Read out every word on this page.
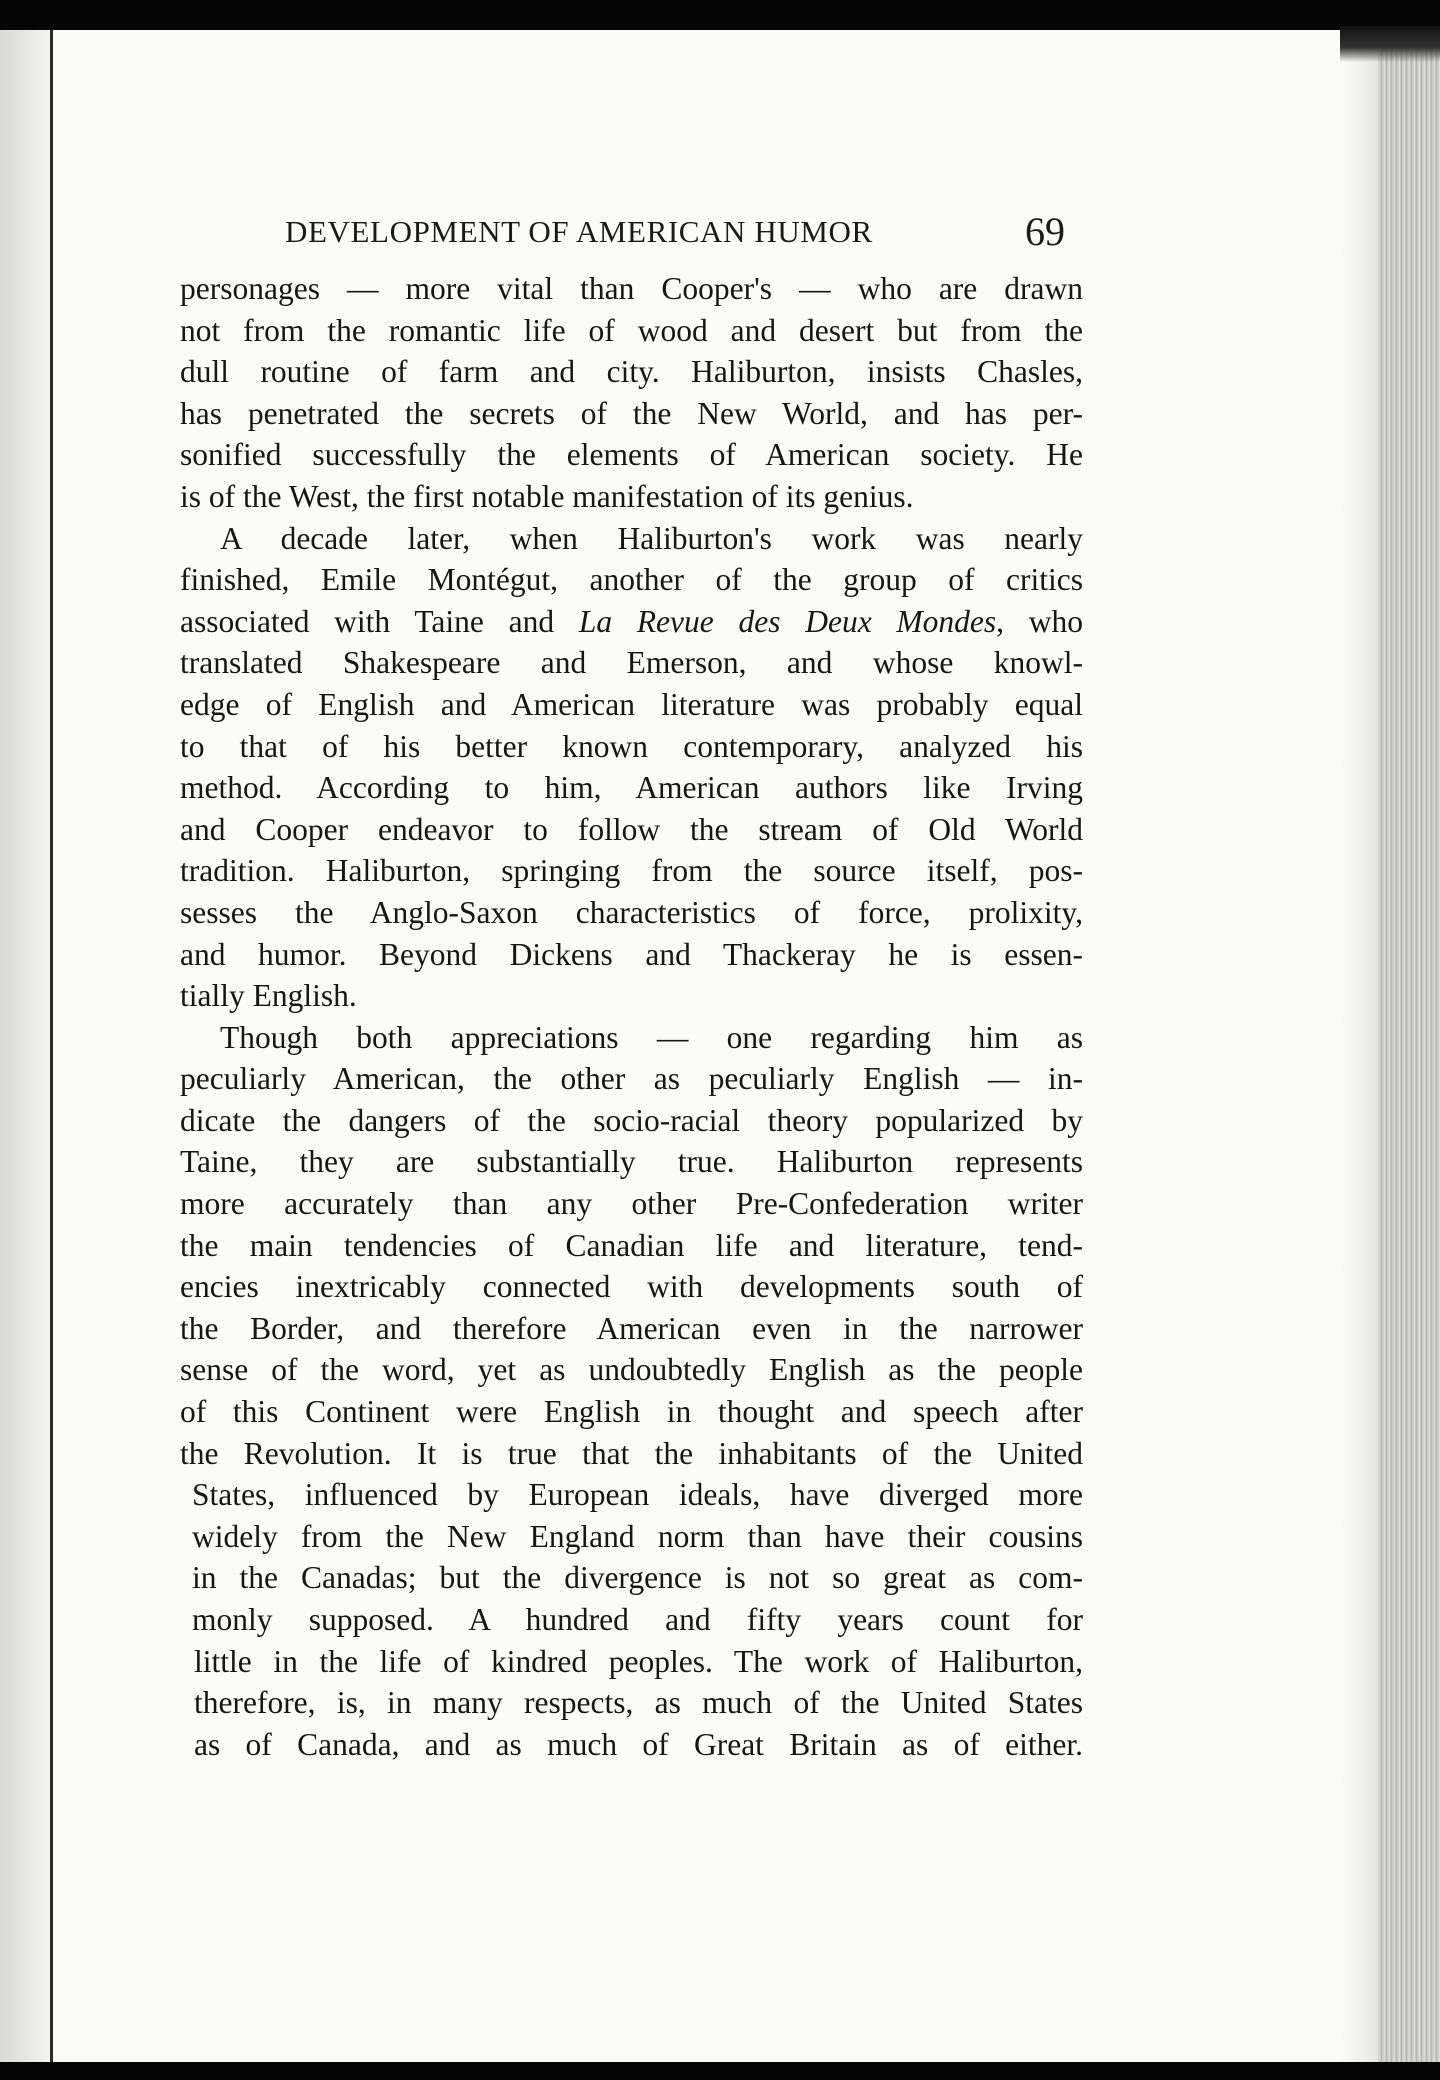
DEVELOPMENT OF AMERICAN HUMOR	69
personages — more vital than Cooper's — who are drawn
not from the romantic life of wood and desert but from the
dull routine of farm and city. Haliburton, insists Chasles,
has penetrated the secrets of the New World, and has per-
sonified successfully the elements of American society. He
is of the West, the first notable manifestation of its genius.
A decade later, when Haliburton's work was nearly
finished, Emile Montégut, another of the group of critics
associated with Taine and La Revue des Deux Mondes, who
translated Shakespeare and Emerson, and whose knowl-
edge of English and American literature was probably equal
to that of his better known contemporary, analyzed his
method. According to him, American authors like Irving
and Cooper endeavor to follow the stream of Old World
tradition. Haliburton, springing from the source itself, pos-
sesses the Anglo-Saxon characteristics of force, prolixity,
and humor. Beyond Dickens and Thackeray he is essen-
tially English.
Though both appreciations — one regarding him as
peculiarly American, the other as peculiarly English — in-
dicate the dangers of the socio-racial theory popularized by
Taine, they are substantially true. Haliburton represents
more accurately than any other Pre-Confederation writer
the main tendencies of Canadian life and literature, tend-
encies inextricably connected with developments south of
the Border, and therefore American even in the narrower
sense of the word, yet as undoubtedly English as the people
of this Continent were English in thought and speech after
the Revolution. It is true that the inhabitants of the United
States, influenced by European ideals, have diverged more
widely from the New England norm than have their cousins
in the Canadas; but the divergence is not so great as com-
monly supposed. A hundred and fifty years count for
little in the life of kindred peoples. The work of Haliburton,
therefore, is, in many respects, as much of the United States
as of Canada, and as much of Great Britain as of either.
